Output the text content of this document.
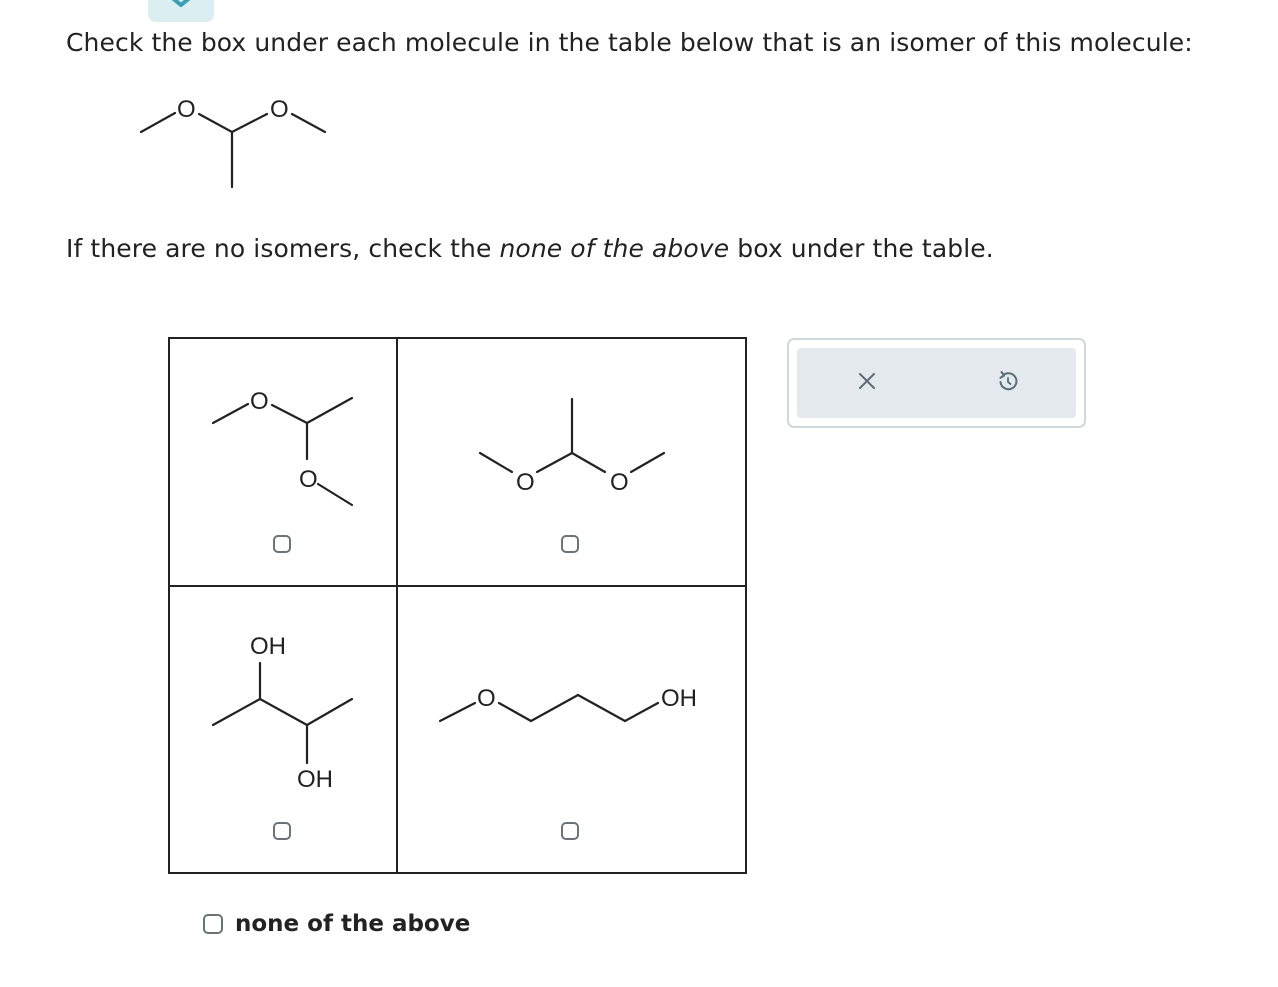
Check the box under each molecule in the table below that is an isomer of this molecule:
O	O
If there are no isomers, check the none of the above box under the table.
O
O	O	O
OH
OH
O	OH
none of the above
